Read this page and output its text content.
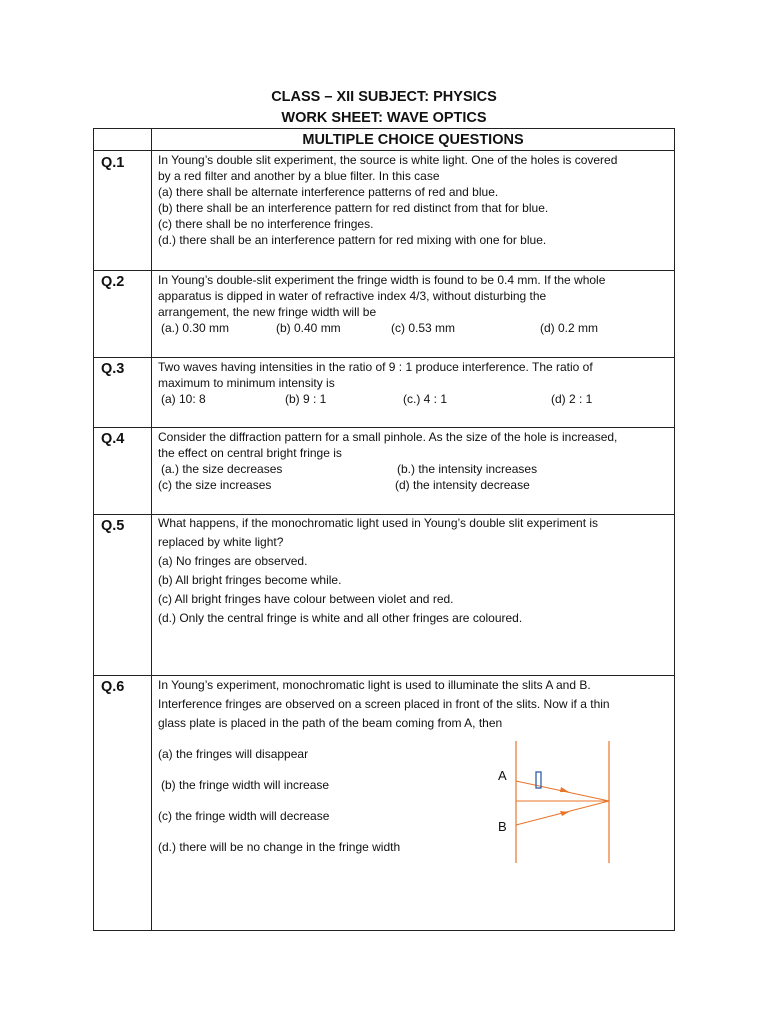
CLASS – XII SUBJECT: PHYSICS
WORK SHEET: WAVE OPTICS
MULTIPLE CHOICE QUESTIONS
Q.1	In Young’s double slit experiment, the source is white light. One of the holes is covered

by a red filter and another by a blue filter. In this case

(a) there shall be alternate interference patterns of red and blue.

(b) there shall be an interference pattern for red distinct from that for blue.

(c) there shall be no interference fringes.

(d.) there shall be an interference pattern for red mixing with one for blue.

Q.2	In Young’s double-slit experiment the fringe width is found to be 0.4 mm. If the whole

apparatus is dipped in water of refractive index 4/3, without disturbing the

arrangement, the new fringe width will be

(a.) 0.30 mm	(b) 0.40 mm	(c) 0.53 mm	(d) 0.2 mm
Q.3	Two waves having intensities in the ratio of 9 : 1 produce interference. The ratio of

maximum to minimum intensity is

(a) 10: 8	(b) 9 : 1	(c.) 4 : 1	(d) 2 : 1
Q.4	Consider the diffraction pattern for a small pinhole. As the size of the hole is increased,

the effect on central bright fringe is

(a.) the size decreases	(b.) the intensity increases
(c) the size increases	(d) the intensity decrease
Q.5	What happens, if the monochromatic light used in Young’s double slit experiment is

replaced by white light?

(a) No fringes are observed.

(b) All bright fringes become while.

(c) All bright fringes have colour between violet and red.

(d.) Only the central fringe is white and all other fringes are coloured.

Q.6	In Young’s experiment, monochromatic light is used to illuminate the slits A and B.

Interference fringes are observed on a screen placed in front of the slits. Now if a thin

glass plate is placed in the path of the beam coming from A, then

(a) the fringes will disappear

(b) the fringe width will increase

(c) the fringe width will decrease

(d.) there will be no change in the fringe width

A
B
